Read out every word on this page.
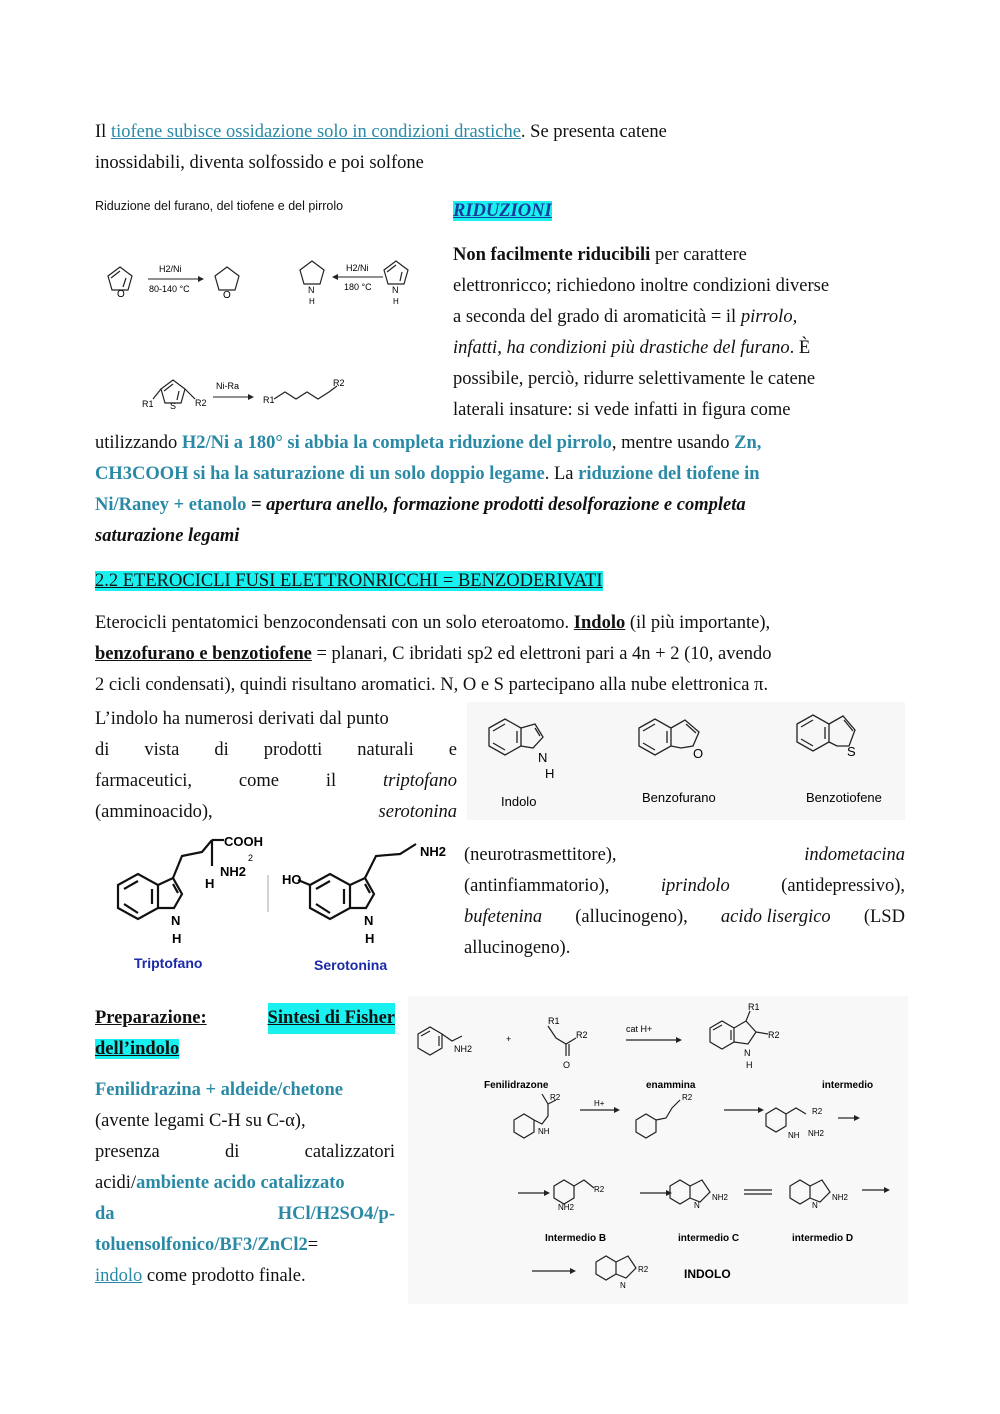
Il tiofene subisce ossidazione solo in condizioni drastiche. Se presenta catene
inossidabili, diventa solfossido e poi solfone
Riduzione del furano, del tiofene e del pirrolo
O
H2/Ni
80-140 °C
O	N
H
H2/Ni
180 °C N
H
R1 S R2
Ni-Ra
R1
R2
RIDUZIONI
Non facilmente riducibili per carattere
elettronricco; richiedono inoltre condizioni diverse
a seconda del grado di aromaticità = il pirrolo,
infatti, ha condizioni più drastiche del furano. È
possibile, perciò, ridurre selettivamente le catene
laterali insature: si vede infatti in figura come
utilizzando H2/Ni a 180° si abbia la completa riduzione del pirrolo, mentre usando Zn,
CH3COOH si ha la saturazione di un solo doppio legame. La riduzione del tiofene in
Ni/Raney + etanolo = apertura anello, formazione prodotti desolforazione e completa
saturazione legami
2.2 ETEROCICLI FUSI ELETTRONRICCHI = BENZODERIVATI
Eterocicli pentatomici benzocondensati con un solo eteroatomo. Indolo (il più importante),
benzofurano e benzotiofene = planari, C ibridati sp2 ed elettroni pari a 4n + 2 (10, avendo
2 cicli condensati), quindi risultano aromatici. N, O e S partecipano alla nube elettronica π.
L’indolo ha numerosi derivati dal punto
di vista di prodotti naturali e
farmaceutici,	come	il	triptofano
(amminoacido),	serotonina
N
H
Indolo
O
Benzofurano
S
Benzotiofene
COOH
NH2
H
N
H
2
HO
NH2
N
H
Triptofano	Serotonina
(neurotrasmettitore),	indometacina
(antinfiammatorio),	iprindolo	(antidepressivo),
bufetenina (allucinogeno), acido lisergico (LSD
allucinogeno).
Preparazione:	Sintesi di Fisher
dell’indolo
Fenilidrazina + aldeide/chetone
(avente legami C-H su C-α),
presenza	di	catalizzatori
acidi/ambiente acido catalizzato
da	HCl/H2SO4/p-
toluensolfonico/BF3/ZnCl2=
indolo come prodotto finale.
NH2
+
R1
R2
O
cat H+
R1
R2
N
H
Fenilidrazone	enammina	intermedio
H+
R2
NH
R2
R2
NH NH2
R2
NH2
NH2
N
NH2
N
Intermedio B	intermedio C	intermedio D
R2
N
INDOLO
